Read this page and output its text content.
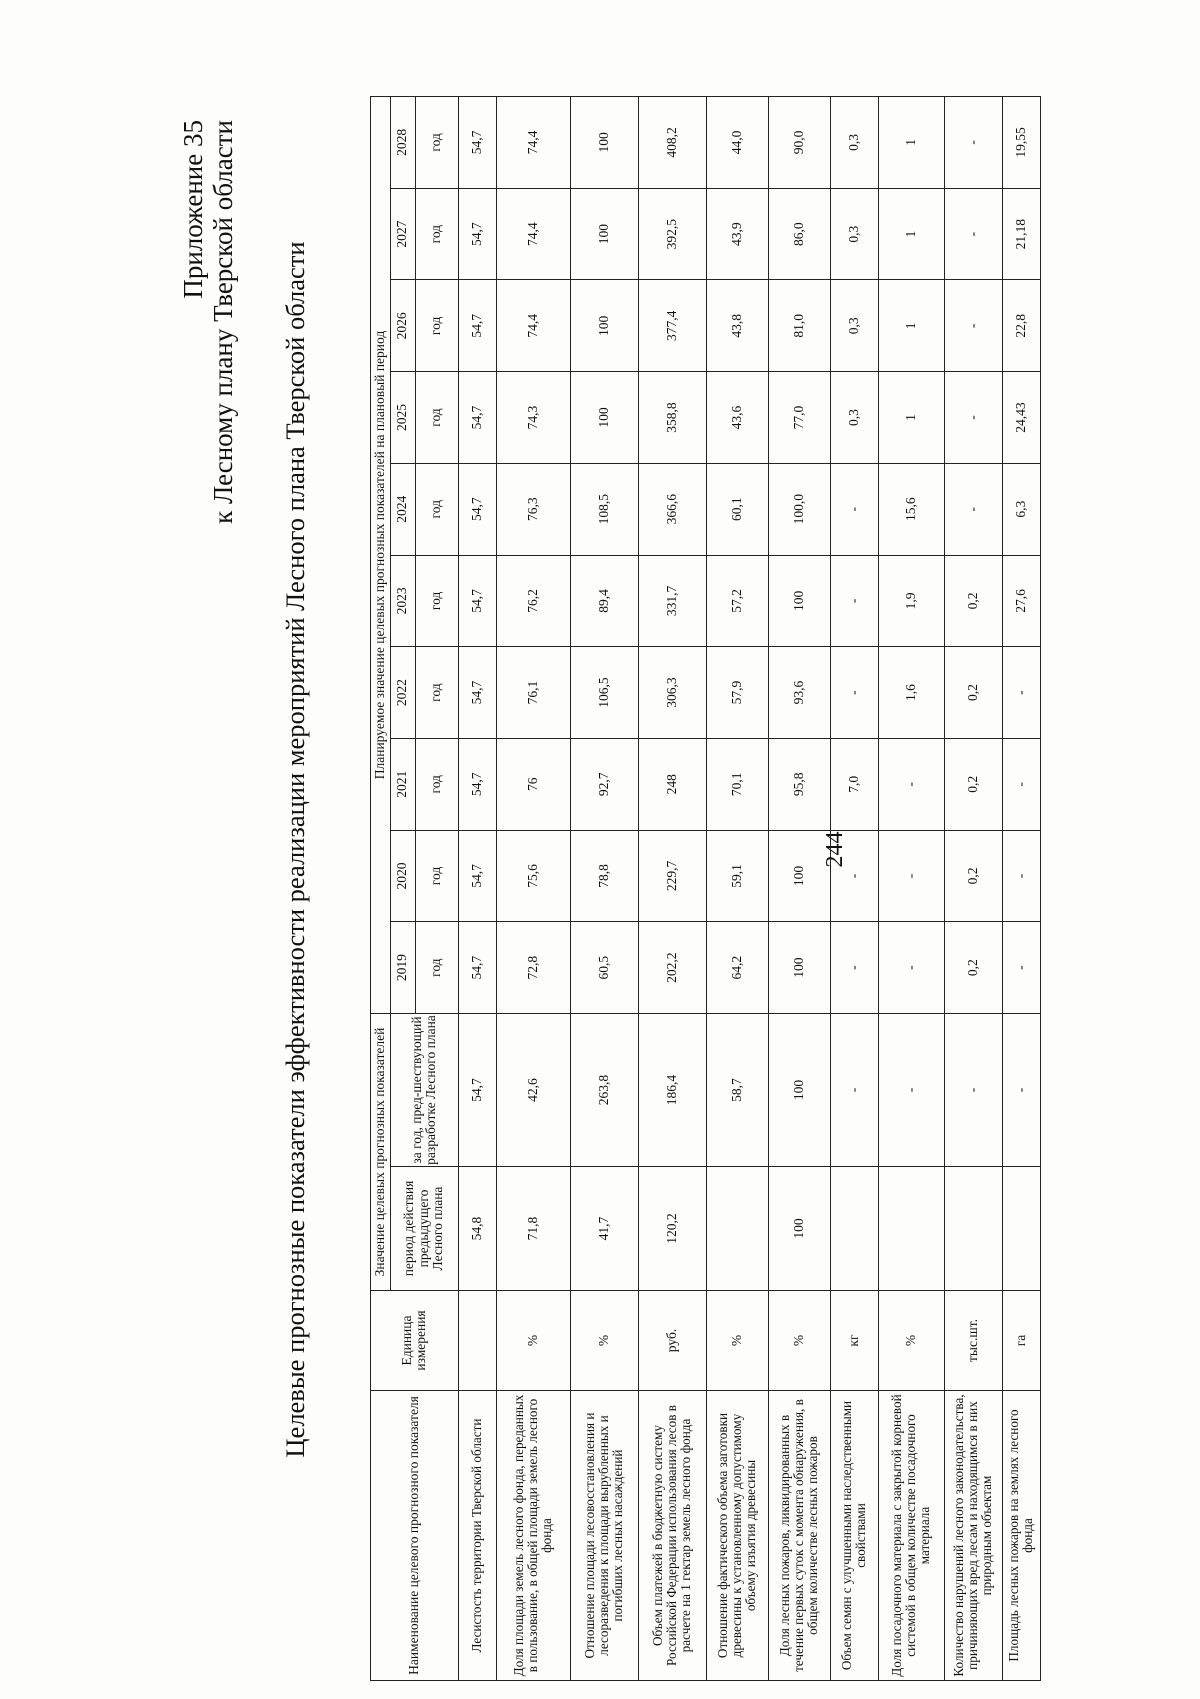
244
Приложение 35 к Лесному плану Тверской области Целевые прогнозные показатели эффективности реализации мероприятий Лесного плана Тверской области
Наименование целевого прогнозного показателя	Единица измерения	Значение целевых прогнозных показателей		Планируемое значение целевых прогнозных показателей на плановый период									
		период действия предыдущего Лесного плана	за год, пред-шествующий разработке Лесного плана	2019	2020	2021	2022	2023	2024	2025	2026	2027	2028
				год	год	год	год	год	год	год	год	год	год
Лесистость территории Тверской области		54,8	54,7	54,7	54,7	54,7	54,7	54,7	54,7	54,7	54,7	54,7	54,7
Доля площади земель лесного фонда, переданных в пользование, в общей площади земель лесного фонда	%	71,8	42,6	72,8	75,6	76	76,1	76,2	76,3	74,3	74,4	74,4	74,4
Отношение площади лесовосстановления и лесоразведения к площади вырубленных и погибших лесных насаждений	%	41,7	263,8	60,5	78,8	92,7	106,5	89,4	108,5	100	100	100	100
Объем платежей в бюджетную систему Российской Федерации использования лесов в расчете на 1 гектар земель лесного фонда	руб.	120,2	186,4	202,2	229,7	248	306,3	331,7	366,6	358,8	377,4	392,5	408,2
Отношение фактического объема заготовки древесины к установленному допустимому объему изъятия древесины	%		58,7	64,2	59,1	70,1	57,9	57,2	60,1	43,6	43,8	43,9	44,0
Доля лесных пожаров, ликвидированных в течение первых суток с момента обнаружения, в общем количестве лесных пожаров	%	100	100	100	100	95,8	93,6	100	100,0	77,0	81,0	86,0	90,0
Объем семян с улучшенными наследственными свойствами	кг		-	-	-	7,0	-	-	-	0,3	0,3	0,3	0,3
Доля посадочного материала с закрытой корневой системой в общем количестве посадочного материала	%		-	-	-	-	1,6	1,9	15,6	1	1	1	1
Количество нарушений лесного законодательства, причиняющих вред лесам и находящимся в них природным объектам	тыс.шт.		-	0,2	0,2	0,2	0,2	0,2	-	-	-	-	-
Площадь лесных пожаров на землях лесного фонда	га		-	-	-	-	-	27,6	6,3	24,43	22,8	21,18	19,55
